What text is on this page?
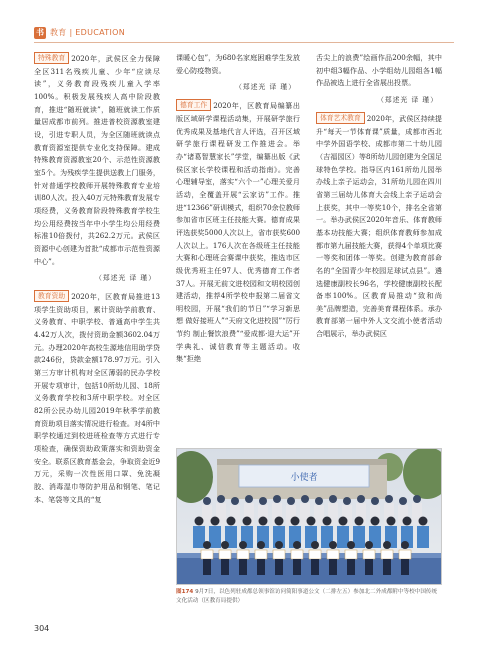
书 教育 | EDUCATION

特殊教育 2020年，武侯区全力保障全区311名残疾儿童、少年“应读尽读”，义务教育段残疾儿童入学率100%。积极发展残疾人高中阶段教育，推进“随班就读”，随班就读工作质量居成都市前列。推进普校资源教室建设，引进专职人员，为全区随班就读点教育资源室提供专业化支持保障。建成特殊教育资源教室20个、示范性资源教室5个。为残疾学生提供送教上门服务，针对普通学校教师开展特殊教育专业培训80人次。投入40万元特殊教育发展专项经费，义务教育阶段特殊教育学校生均公用经费按当年中小学生均公用经费标准10倍拨付，共262.2万元。武侯区资源中心创建为首批“成都市示范性资源中心”。

（郑述光 译 瑾）

教育资助 2020年，区教育局推进13项学生资助项目，累计资助学前教育、义务教育、中职学校、普通高中学生共4.42万人次，拨付资助金额3602.04万元。办理2020年高校生源地信用助学贷款246份，贷款金额178.97万元。引入第三方审计机构对全区薄弱的民办学校开展专项审计，包括10所幼儿园、18所义务教育学校和3所中职学校。对全区82所公民办幼儿园2019年秋季学前教育资助项目落实情况进行检查。对4所中职学校通过到校进班检查等方式进行专项检查，确保资助政策落实和资助资金安全。联系区教育基金会，争取资金近9万元，采购一次性医用口罩、免洗凝胶、消毒湿巾等防护用品和钢笔、笔记本、笔袋等文具的“复

课暖心包”，为680名家庭困难学生发放爱心防疫物资。

（郑述光 译 瑾）

德育工作 2020年，区教育局编纂出版区域研学课程活动集，开展研学旅行优秀成果及基地代言人评选，召开区域研学旅行课程研发工作推进会。举办“诸葛智慧家长”学堂，编纂出版《武侯区家长学校课程和活动指南》。完善心理辅导室，落实“六个一”心理关爱月活动，全覆盖开展“云家访”工作。推进“12366”研训模式，组织70余位教师参加省市区班主任技能大赛。德育成果评选获奖5000人次以上，省市获奖600人次以上。176人次在各级班主任技能大赛和心理班会赛课中获奖，推选市区级优秀班主任97人、优秀德育工作者37人。开展无前文进校园和文明校园创建活动，推荐4所学校申报第二届省文明校园，开展“我们的节日”“学习新思想 做好接班人”“天府文化进校园”“厉行节约 制止餐饮浪费”“爱成都·迎大运”开学典礼、诚信教育等主题活动。收集“拒绝

舌尖上的浪费”绘画作品200余幅，其中初中组3幅作品、小学组幼儿园组各1幅作品被选上进行全省展出投票。

（郑述光 译 瑾）

体育艺术教育 2020年，武侯区持续提升“每天一节体育课”质量，成都市西北中学外国语学校、成都市第二十幼儿园（吉福园区）等8所幼儿园创建为全国足球特色学校。指导区内161所幼儿园举办线上亲子运动会，31所幼儿园在四川省第三届幼儿体育大会线上亲子运动会上获奖，其中一等奖10个，排名全省第一。举办武侯区2020年音乐、体育教师基本功技能大赛；组织体育教师参加成都市第九届技能大赛，获得4个单项比赛一等奖和团体一等奖。创建为教育部命名的“全国青少年校园足球试点县”。遴选健康副校长96名，学校健康副校长配备率100%。区教育局推动“致和尚美”品牌塑造，完善美育课程体系。承办教育部第一届中外人文交流小使者活动合唱展示，举办武侯区

小使者
图174 9月7日，以色列驻成都总领事馆访问简阳事道公文（二排左五）参加北二外成都附中等校中国传统文化活动（区教育局提供）
304
